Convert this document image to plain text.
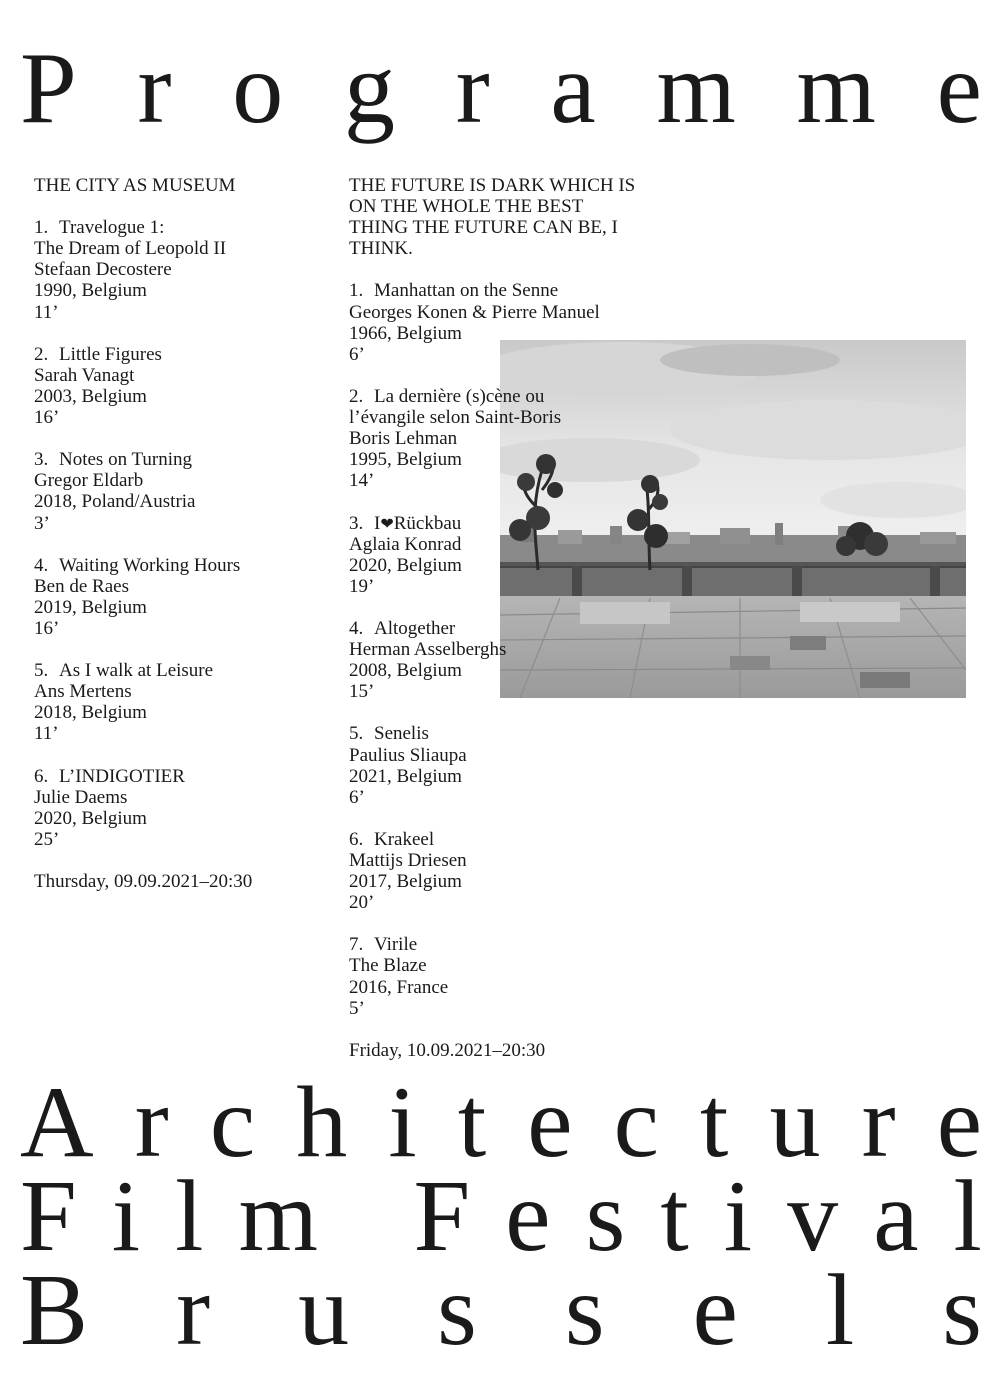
P r o g r a m m e
THE CITY AS MUSEUM
1. Travelogue 1:
The Dream of Leopold II
Stefaan Decostere
1990, Belgium
11’
2. Little Figures
Sarah Vanagt
2003, Belgium
16’
3. Notes on Turning
Gregor Eldarb
2018, Poland/Austria
3’
4. Waiting Working Hours
Ben de Raes
2019, Belgium
16’
5. As I walk at Leisure
Ans Mertens
2018, Belgium
11’
6. L’INDIGOTIER
Julie Daems
2020, Belgium
25’
Thursday, 09.09.2021–20:30
THE FUTURE IS DARK WHICH IS ON THE WHOLE THE BEST THING THE FUTURE CAN BE, I THINK.
1. Manhattan on the Senne
Georges Konen & Pierre Manuel
1966, Belgium
6’
2. La dernière (s)cène ou
l’évangile selon Saint-Boris
Boris Lehman
1995, Belgium
14’
3. I❤Rückbau
Aglaia Konrad
2020, Belgium
19’
4. Altogether
Herman Asselberghs
2008, Belgium
15’
5. Senelis
Paulius Sliaupa
2021, Belgium
6’
6. Krakeel
Mattijs Driesen
2017, Belgium
20’
7. Virile
The Blaze
2016, France
5’
Friday, 10.09.2021–20:30
A r c h i t e c t u r e
F i l m
F e s t i v a l
B r u s s e l s
